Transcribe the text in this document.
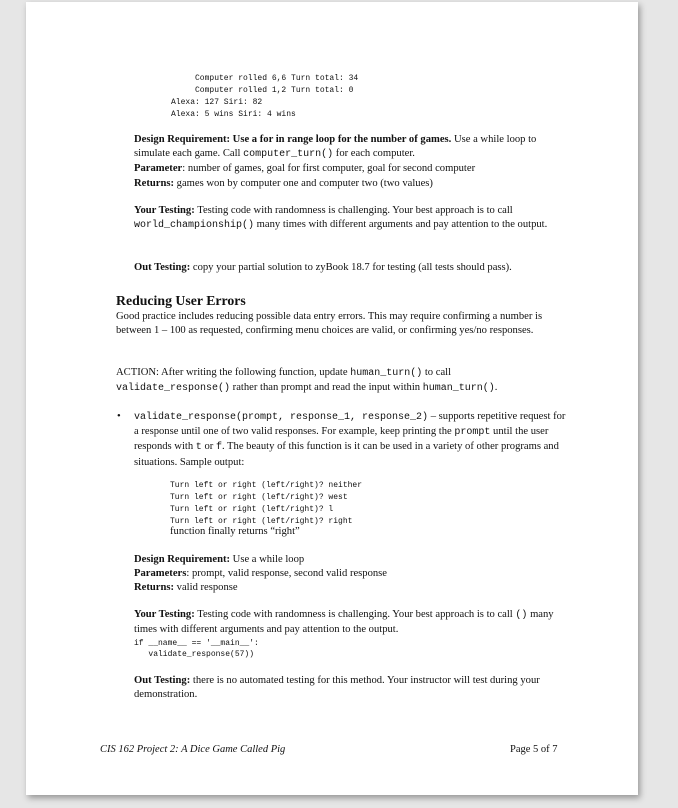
Computer rolled 6,6 Turn total: 34
Computer rolled 1,2 Turn total: 0
Alexa: 127 Siri: 82
Alexa: 5 wins Siri: 4 wins
Design Requirement: Use a for in range loop for the number of games. Use a while loop to simulate each game. Call computer_turn() for each computer.
Parameter: number of games, goal for first computer, goal for second computer
Returns: games won by computer one and computer two (two values)
Your Testing: Testing code with randomness is challenging. Your best approach is to call world_championship() many times with different arguments and pay attention to the output.
Out Testing: copy your partial solution to zyBook 18.7 for testing (all tests should pass).
Reducing User Errors
Good practice includes reducing possible data entry errors. This may require confirming a number is between 1 – 100 as requested, confirming menu choices are valid, or confirming yes/no responses.
ACTION: After writing the following function, update human_turn() to call
validate_response() rather than prompt and read the input within human_turn().
• validate_response(prompt, response_1, response_2) – supports repetitive request for a response until one of two valid responses. For example, keep printing the prompt until the user responds with t or f. The beauty of this function is it can be used in a variety of other programs and situations. Sample output:
Turn left or right (left/right)? neither
Turn left or right (left/right)? west
Turn left or right (left/right)? l
Turn left or right (left/right)? right
function finally returns “right”
Design Requirement: Use a while loop
Parameters: prompt, valid response, second valid response
Returns: valid response
Your Testing: Testing code with randomness is challenging. Your best approach is to call () many times with different arguments and pay attention to the output.
if __name__ == '__main__':
validate_response(57))
Out Testing: there is no automated testing for this method. Your instructor will test during your demonstration.
CIS 162 Project 2: A Dice Game Called Pig	Page 5 of 7
